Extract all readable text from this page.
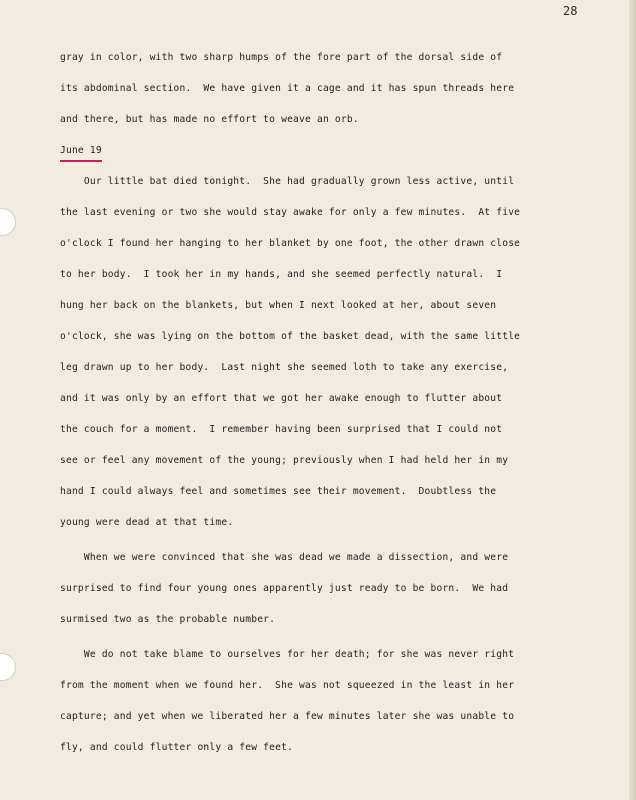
28
gray in color, with two sharp humps of the fore part of the dorsal side of
its abdominal section.  We have given it a cage and it has spun threads here
and there, but has made no effort to weave an orb.
June 19
Our little bat died tonight.  She had gradually grown less active, until
the last evening or two she would stay awake for only a few minutes.  At five
o'clock I found her hanging to her blanket by one foot, the other drawn close
to her body.  I took her in my hands, and she seemed perfectly natural.  I
hung her back on the blankets, but when I next looked at her, about seven
o'clock, she was lying on the bottom of the basket dead, with the same little
leg drawn up to her body.  Last night she seemed loth to take any exercise,
and it was only by an effort that we got her awake enough to flutter about
the couch for a moment.  I remember having been surprised that I could not
see or feel any movement of the young; previously when I had held her in my
hand I could always feel and sometimes see their movement.  Doubtless the
young were dead at that time.
When we were convinced that she was dead we made a dissection, and were
surprised to find four young ones apparently just ready to be born.  We had
surmised two as the probable number.
We do not take blame to ourselves for her death; for she was never right
from the moment when we found her.  She was not squeezed in the least in her
capture; and yet when we liberated her a few minutes later she was unable to
fly, and could flutter only a few feet.
